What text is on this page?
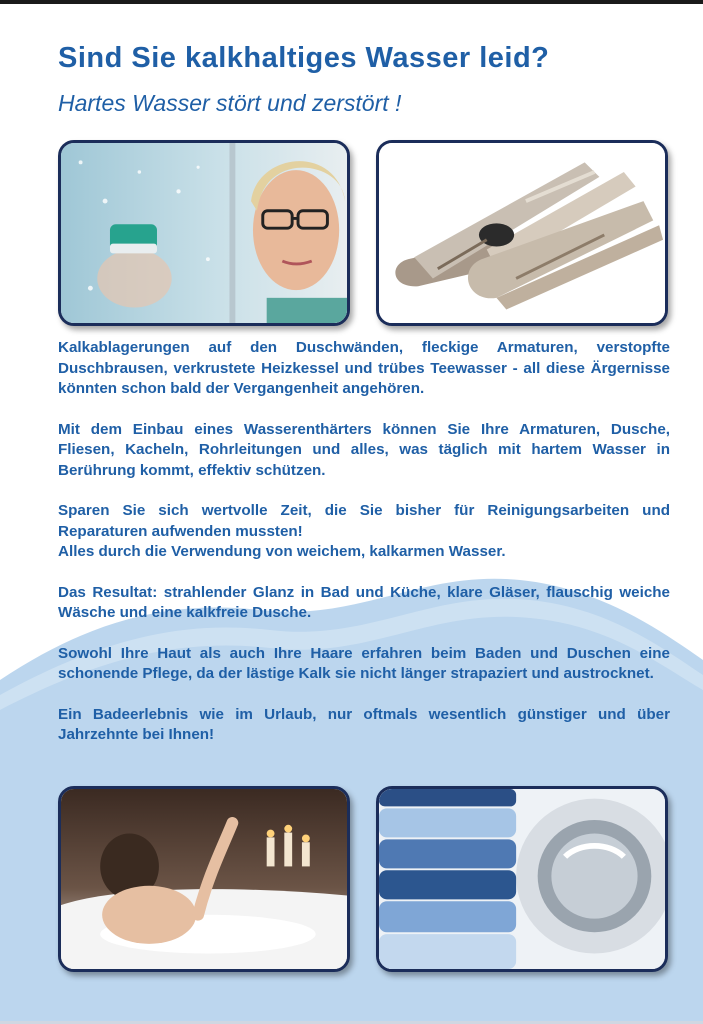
Sind Sie kalkhaltiges Wasser leid?
Hartes Wasser stört und zerstört !

Kalkablagerungen auf den Duschwänden, fleckige Armaturen, verstopfte Duschbrausen, verkrustete Heizkessel und trübes Teewasser - all diese Ärgernisse könnten schon bald der Vergangenheit angehören.

Mit dem Einbau eines Wasserenthärters können Sie Ihre Armaturen, Dusche, Fliesen, Kacheln, Rohrleitungen und alles, was täglich mit hartem Wasser in Berührung kommt, effektiv schützen.

Sparen Sie sich wertvolle Zeit, die Sie bisher für Reinigungsarbeiten und Reparaturen aufwenden mussten!

Alles durch die Verwendung von weichem, kalkarmen Wasser.

Das Resultat: strahlender Glanz in Bad und Küche, klare Gläser, flauschig weiche Wäsche und eine kalkfreie Dusche.

Sowohl Ihre Haut als auch Ihre Haare erfahren beim Baden und Duschen eine schonende Pflege, da der lästige Kalk sie nicht länger strapaziert und austrocknet.

Ein Badeerlebnis wie im Urlaub, nur oftmals wesentlich günstiger und über Jahrzehnte bei Ihnen!
